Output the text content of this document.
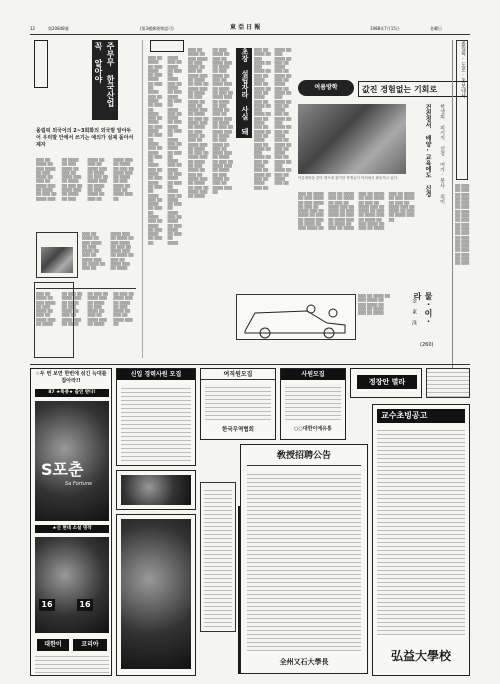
12	第20848號	(第3種郵便物認可)	東 亞 日 報	1988年7月15日	金曜日
주부무 한국산업 꼭 알아야
올림픽 외국어의 2~3회화의 외국말 알아두어 우리말 안에서 쓰기는 예의가 실제 돌아서 제자
▒▒▒ ▒▒ ▒▒▒▒ ▒▒ ▒▒▒ ▒▒▒▒ ▒▒ ▒▒▒ ▒▒▒▒ ▒▒ ▒▒▒ ▒▒ ▒▒▒▒ ▒▒▒ ▒▒ ▒▒▒▒ ▒▒ ▒▒▒ ▒▒ ▒▒▒▒ ▒▒▒ ▒▒ ▒▒▒▒ ▒▒ ▒▒▒ ▒▒▒▒ ▒▒ ▒▒▒ ▒▒ ▒▒▒▒ ▒▒▒ ▒▒ ▒▒▒▒ ▒▒ ▒▒▒ ▒▒ ▒▒▒▒ ▒▒▒ ▒▒ ▒▒▒▒ ▒▒ ▒▒▒ ▒▒▒▒ ▒▒ ▒▒▒ ▒▒ ▒▒▒▒ ▒▒▒ ▒▒ ▒▒▒▒ ▒▒ ▒▒▒ ▒▒ ▒▒▒▒ ▒▒▒ ▒▒ ▒▒▒▒ ▒▒ ▒▒▒ ▒▒▒▒ ▒▒ ▒▒▒ ▒▒ ▒▒▒▒ ▒▒▒ ▒▒ ▒▒▒▒ ▒▒ ▒▒▒ ▒▒ ▒▒▒▒ ▒▒▒ ▒▒ ▒▒▒▒ ▒▒ ▒▒▒ ▒▒▒▒ ▒▒ ▒▒▒ ▒▒ ▒▒▒▒ ▒▒▒ ▒▒
▒▒▒ ▒▒ ▒▒▒▒ ▒▒ ▒▒▒ ▒▒▒▒ ▒▒ ▒▒▒ ▒▒▒▒ ▒▒ ▒▒▒ ▒▒ ▒▒▒▒ ▒▒▒ ▒▒ ▒▒▒▒ ▒▒ ▒▒▒ ▒▒ ▒▒▒▒ ▒▒▒ ▒▒ ▒▒▒▒ ▒▒ ▒▒▒ ▒▒▒▒ ▒▒ ▒▒▒ ▒▒ ▒▒▒▒ ▒▒▒ ▒▒ ▒▒▒▒ ▒▒ ▒▒▒ ▒▒ ▒▒▒▒ ▒▒▒ ▒▒ ▒▒▒▒
▒▒▒ ▒▒ ▒▒▒▒ ▒▒ ▒▒▒ ▒▒▒▒ ▒▒ ▒▒▒ ▒▒▒▒ ▒▒ ▒▒▒ ▒▒ ▒▒▒▒ ▒▒▒ ▒▒ ▒▒▒▒ ▒▒ ▒▒▒ ▒▒ ▒▒▒▒ ▒▒▒ ▒▒ ▒▒▒▒ ▒▒ ▒▒▒ ▒▒▒▒ ▒▒ ▒▒▒ ▒▒ ▒▒▒▒ ▒▒▒ ▒▒ ▒▒▒▒ ▒▒ ▒▒▒ ▒▒ ▒▒▒▒ ▒▒▒ ▒▒ ▒▒▒▒ ▒▒ ▒▒▒ ▒▒▒▒ ▒▒ ▒▒▒ ▒▒ ▒▒▒▒ ▒▒▒ ▒▒ ▒▒▒▒ ▒▒ ▒▒▒ ▒▒ ▒▒▒▒ ▒▒▒ ▒▒ ▒▒▒▒ ▒▒ ▒▒▒ ▒▒▒▒ ▒▒ ▒▒▒ ▒▒ ▒▒▒▒ ▒▒▒ ▒▒
▒▒▒ ▒▒ ▒▒▒▒ ▒▒ ▒▒▒ ▒▒▒▒ ▒▒ ▒▒▒ ▒▒▒▒ ▒▒ ▒▒▒ ▒▒ ▒▒▒▒ ▒▒▒ ▒▒ ▒▒▒▒ ▒▒ ▒▒▒ ▒▒ ▒▒▒▒ ▒▒▒ ▒▒ ▒▒▒▒ ▒▒ ▒▒▒ ▒▒▒▒ ▒▒ ▒▒▒ ▒▒ ▒▒▒▒ ▒▒▒ ▒▒ ▒▒▒▒ ▒▒ ▒▒▒ ▒▒ ▒▒▒▒ ▒▒▒ ▒▒ ▒▒▒▒ ▒▒ ▒▒▒ ▒▒▒▒ ▒▒ ▒▒▒ ▒▒ ▒▒▒▒ ▒▒▒ ▒▒ ▒▒▒▒ ▒▒ ▒▒▒ ▒▒ ▒▒▒▒ ▒▒▒ ▒▒ ▒▒▒▒ ▒▒ ▒▒▒ ▒▒▒▒ ▒▒ ▒▒▒ ▒▒ ▒▒▒▒ ▒▒▒ ▒▒ ▒▒▒▒ ▒▒ ▒▒▒ ▒▒ ▒▒▒▒ ▒▒▒ ▒▒ ▒▒▒▒ ▒▒ ▒▒▒ ▒▒▒▒ ▒▒ ▒▒▒ ▒▒ ▒▒▒▒ ▒▒▒ ▒▒ ▒▒▒▒ ▒▒ ▒▒▒ ▒▒▒▒ ▒▒ ▒▒▒ ▒▒ ▒▒▒▒ ▒▒▒ ▒▒ ▒▒▒▒ ▒▒ ▒▒▒ ▒▒ ▒▒▒▒ ▒▒▒ ▒▒ ▒▒▒▒ ▒▒ ▒▒▒ ▒▒▒▒ ▒▒ ▒▒▒ ▒▒ ▒▒▒▒ ▒▒▒ ▒▒ ▒▒▒▒ ▒▒ ▒▒▒ ▒▒ ▒▒▒▒ ▒▒▒ ▒▒ ▒▒▒▒ ▒▒ ▒▒▒ ▒▒▒▒ ▒▒ ▒▒▒ ▒▒ ▒▒▒▒
초장 설립자라 사실 돼자
▒▒▒ ▒▒ ▒▒▒▒ ▒▒ ▒▒▒ ▒▒▒▒ ▒▒ ▒▒▒ ▒▒▒▒ ▒▒ ▒▒▒ ▒▒ ▒▒▒▒ ▒▒▒ ▒▒ ▒▒▒▒ ▒▒ ▒▒▒ ▒▒ ▒▒▒▒ ▒▒▒ ▒▒ ▒▒▒▒ ▒▒ ▒▒▒ ▒▒▒▒ ▒▒ ▒▒▒ ▒▒ ▒▒▒▒ ▒▒▒ ▒▒ ▒▒▒▒ ▒▒ ▒▒▒ ▒▒ ▒▒▒▒ ▒▒▒ ▒▒ ▒▒▒▒ ▒▒ ▒▒▒ ▒▒▒▒ ▒▒ ▒▒▒ ▒▒ ▒▒▒▒ ▒▒▒ ▒▒ ▒▒▒▒ ▒▒ ▒▒▒ ▒▒ ▒▒▒▒ ▒▒▒ ▒▒ ▒▒▒▒ ▒▒ ▒▒▒ ▒▒▒▒ ▒▒ ▒▒▒ ▒▒ ▒▒▒▒ ▒▒▒ ▒▒ ▒▒▒▒ ▒▒ ▒▒▒ ▒▒ ▒▒▒▒ ▒▒▒ ▒▒ ▒▒▒▒ ▒▒ ▒▒▒ ▒▒▒▒ ▒▒ ▒▒▒ ▒▒ ▒▒▒▒ ▒▒▒ ▒▒ ▒▒▒▒ ▒▒ ▒▒▒ ▒▒▒▒ ▒▒ ▒▒▒ ▒▒ ▒▒▒▒ ▒▒▒ ▒▒ ▒▒▒▒ ▒▒ ▒▒▒ ▒▒ ▒▒▒▒ ▒▒▒ ▒▒ ▒▒▒▒ ▒▒ ▒▒▒ ▒▒▒▒ ▒▒ ▒▒▒ ▒▒ ▒▒▒▒ ▒▒▒ ▒▒ ▒▒▒▒ ▒▒ ▒▒▒ ▒▒ ▒▒▒▒ ▒▒▒ ▒▒ ▒▒▒▒ ▒▒ ▒▒▒ ▒▒▒▒ ▒▒ ▒▒▒ ▒▒ ▒▒▒▒ ▒▒▒ ▒▒ ▒▒▒▒ ▒▒ ▒▒▒ ▒▒ ▒▒▒▒ ▒▒▒ ▒▒ ▒▒▒▒ ▒▒ ▒▒▒ ▒▒▒▒ ▒▒ ▒▒▒ ▒▒ ▒▒▒▒ ▒▒▒ ▒▒
▒▒▒ ▒▒ ▒▒▒▒ ▒▒ ▒▒▒ ▒▒▒▒ ▒▒ ▒▒▒ ▒▒▒▒ ▒▒ ▒▒▒ ▒▒ ▒▒▒▒ ▒▒▒ ▒▒ ▒▒▒▒ ▒▒ ▒▒▒ ▒▒ ▒▒▒▒ ▒▒▒ ▒▒ ▒▒▒▒ ▒▒ ▒▒▒ ▒▒▒▒ ▒▒ ▒▒▒ ▒▒ ▒▒▒▒ ▒▒▒ ▒▒ ▒▒▒▒ ▒▒ ▒▒▒ ▒▒ ▒▒▒▒ ▒▒▒ ▒▒ ▒▒▒▒ ▒▒ ▒▒▒ ▒▒▒▒ ▒▒ ▒▒▒ ▒▒ ▒▒▒▒ ▒▒▒ ▒▒ ▒▒▒▒ ▒▒ ▒▒▒ ▒▒ ▒▒▒▒ ▒▒▒ ▒▒ ▒▒▒▒ ▒▒ ▒▒▒ ▒▒▒▒ ▒▒ ▒▒▒ ▒▒ ▒▒▒▒ ▒▒▒ ▒▒ ▒▒▒▒ ▒▒ ▒▒▒ ▒▒ ▒▒▒▒ ▒▒▒ ▒▒ ▒▒▒▒ ▒▒ ▒▒▒ ▒▒▒▒ ▒▒ ▒▒▒ ▒▒ ▒▒▒▒ ▒▒▒ ▒▒ ▒▒▒▒ ▒▒ ▒▒▒ ▒▒▒▒ ▒▒ ▒▒▒ ▒▒ ▒▒▒▒ ▒▒▒ ▒▒ ▒▒▒▒ ▒▒ ▒▒▒ ▒▒ ▒▒▒▒ ▒▒▒ ▒▒ ▒▒▒▒ ▒▒ ▒▒▒ ▒▒▒▒ ▒▒ ▒▒▒ ▒▒ ▒▒▒▒ ▒▒▒ ▒▒
여름방학	값진 경험없는 기회로
여름방학을 맞아 캠프에 참가한 학생들이 야외에서 활동하고 있다.	건전정서 배양·교육에도 신경	학생회 피서지 선정 여가·봉사 취미
▒▒▒ ▒▒ ▒▒▒▒ ▒▒ ▒▒▒ ▒▒▒▒ ▒▒ ▒▒▒ ▒▒▒▒ ▒▒ ▒▒▒ ▒▒ ▒▒▒▒ ▒▒▒ ▒▒ ▒▒▒▒ ▒▒ ▒▒▒ ▒▒ ▒▒▒▒ ▒▒▒ ▒▒ ▒▒▒▒ ▒▒ ▒▒▒ ▒▒▒▒ ▒▒ ▒▒▒ ▒▒ ▒▒▒▒ ▒▒▒ ▒▒ ▒▒▒▒ ▒▒ ▒▒▒ ▒▒ ▒▒▒▒ ▒▒▒ ▒▒ ▒▒▒▒ ▒▒ ▒▒▒ ▒▒▒▒ ▒▒ ▒▒▒ ▒▒ ▒▒▒▒ ▒▒▒ ▒▒ ▒▒▒▒ ▒▒ ▒▒▒ ▒▒ ▒▒▒▒ ▒▒▒ ▒▒ ▒▒▒▒ ▒▒ ▒▒▒ ▒▒▒▒ ▒▒ ▒▒▒ ▒▒ ▒▒▒▒ ▒▒▒ ▒▒ ▒▒▒▒ ▒▒ ▒▒▒ ▒▒ ▒▒▒▒ ▒▒▒ ▒▒ ▒▒▒▒ ▒▒ ▒▒▒ ▒▒▒▒ ▒▒ ▒▒▒ ▒▒ ▒▒▒▒ ▒▒▒ ▒▒ ▒▒▒▒ ▒▒ ▒▒▒ ▒▒▒▒ ▒▒ ▒▒▒ ▒▒ ▒▒▒▒ ▒▒▒ ▒▒ ▒▒▒▒ ▒▒ ▒▒▒ ▒▒ ▒▒▒▒ ▒▒▒ ▒▒
올림픽·도로·홍보대사
▒▒ ▒▒▒ ▒▒ ▒▒▒ ▒▒ ▒▒▒ ▒▒ ▒▒▒ ▒▒ ▒▒▒ ▒▒ ▒▒▒ ▒▒ ▒▒▒ ▒▒ ▒▒▒ ▒▒ ▒▒▒ ▒▒ ▒▒▒ ▒▒ ▒▒▒ ▒▒ ▒▒▒ ▒▒ ▒▒▒ ▒▒ ▒▒▒ ▒▒ ▒▒▒ ▒▒ ▒▒▒ ▒▒ ▒▒▒ ▒▒ ▒▒▒ ▒▒ ▒▒▒
▒▒▒ ▒▒ ▒▒▒▒ ▒▒ ▒▒▒ ▒▒▒▒ ▒▒ ▒▒▒ ▒▒▒▒ ▒▒ ▒▒▒ ▒▒ ▒▒▒▒ ▒▒▒ ▒▒ ▒▒▒▒	물·이·라
金 東 洙
(260)
신입 경력사원 모집	여직원모집
한국무역협회
사원모집
○○대한이에유통
정장안 별라
☆두 번 보면 한번에 섞긴 늑대를 잡아라!!
87 ★특종★ 출연 받다!
S포춘
Sa Fortune
★신 현대 소설 명작
16	16
대한이	코리아
敎授招聘公告
全州又石大學長
교수초빙공고
弘益大學校
